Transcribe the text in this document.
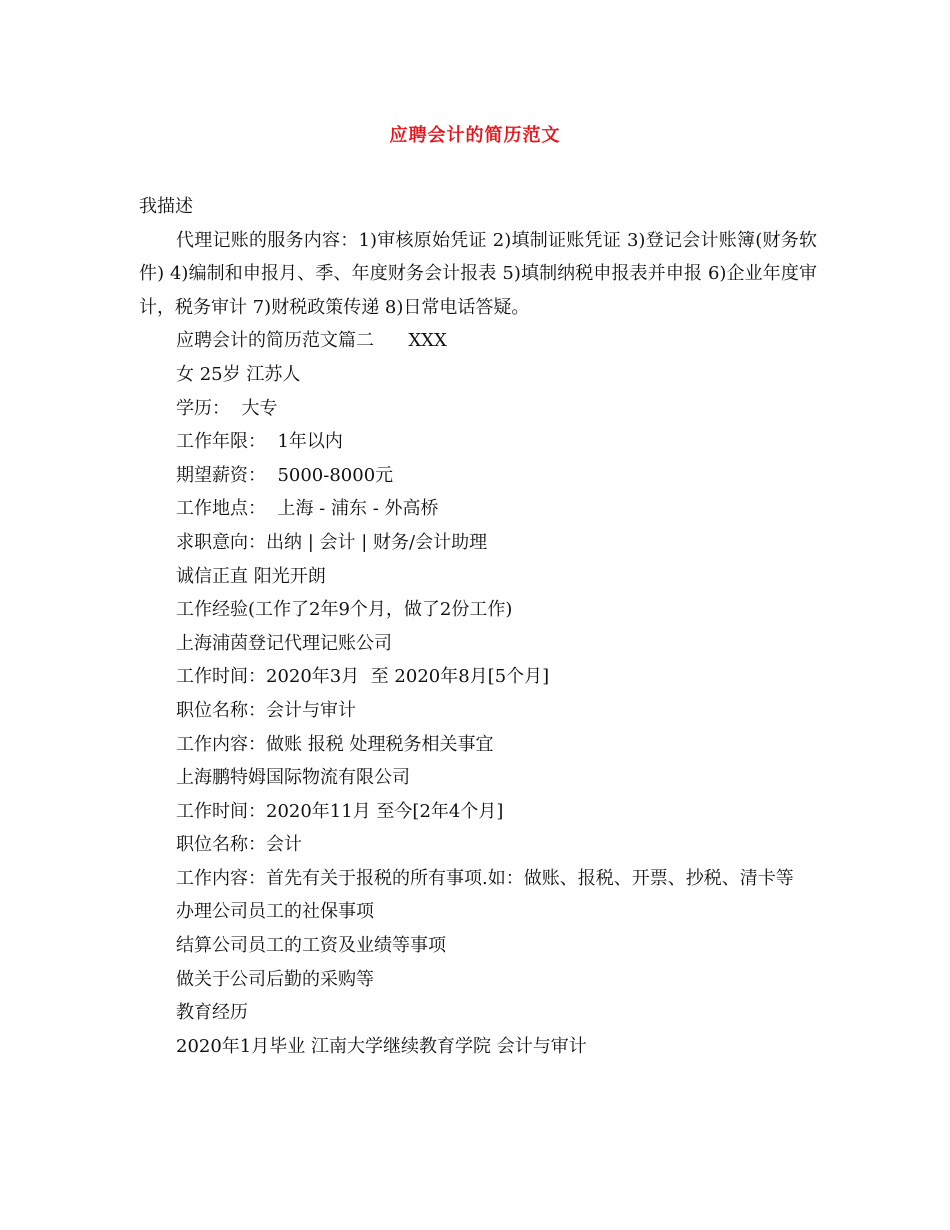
应聘会计的简历范文

我描述

代理记账的服务内容：1)审核原始凭证 2)填制证账凭证 3)登记会计账簿(财务软件) 4)编制和申报月、季、年度财务会计报表 5)填制纳税申报表并申报 6)企业年度审计，税务审计 7)财税政策传递 8)日常电话答疑。

应聘会计的简历范文篇二      XXX

女 25岁 江苏人

学历：  大专

工作年限：  1年以内

期望薪资：  5000-8000元

工作地点：  上海 - 浦东 - 外高桥

求职意向：出纳 | 会计 | 财务/会计助理

诚信正直 阳光开朗

工作经验(工作了2年9个月，做了2份工作)

上海浦茵登记代理记账公司

工作时间：2020年3月  至 2020年8月[5个月]

职位名称：会计与审计

工作内容：做账 报税 处理税务相关事宜

上海鹏特姆国际物流有限公司

工作时间：2020年11月 至今[2年4个月]

职位名称：会计

工作内容：首先有关于报税的所有事项.如：做账、报税、开票、抄税、清卡等

办理公司员工的社保事项

结算公司员工的工资及业绩等事项

做关于公司后勤的采购等

教育经历

2020年1月毕业 江南大学继续教育学院 会计与审计
